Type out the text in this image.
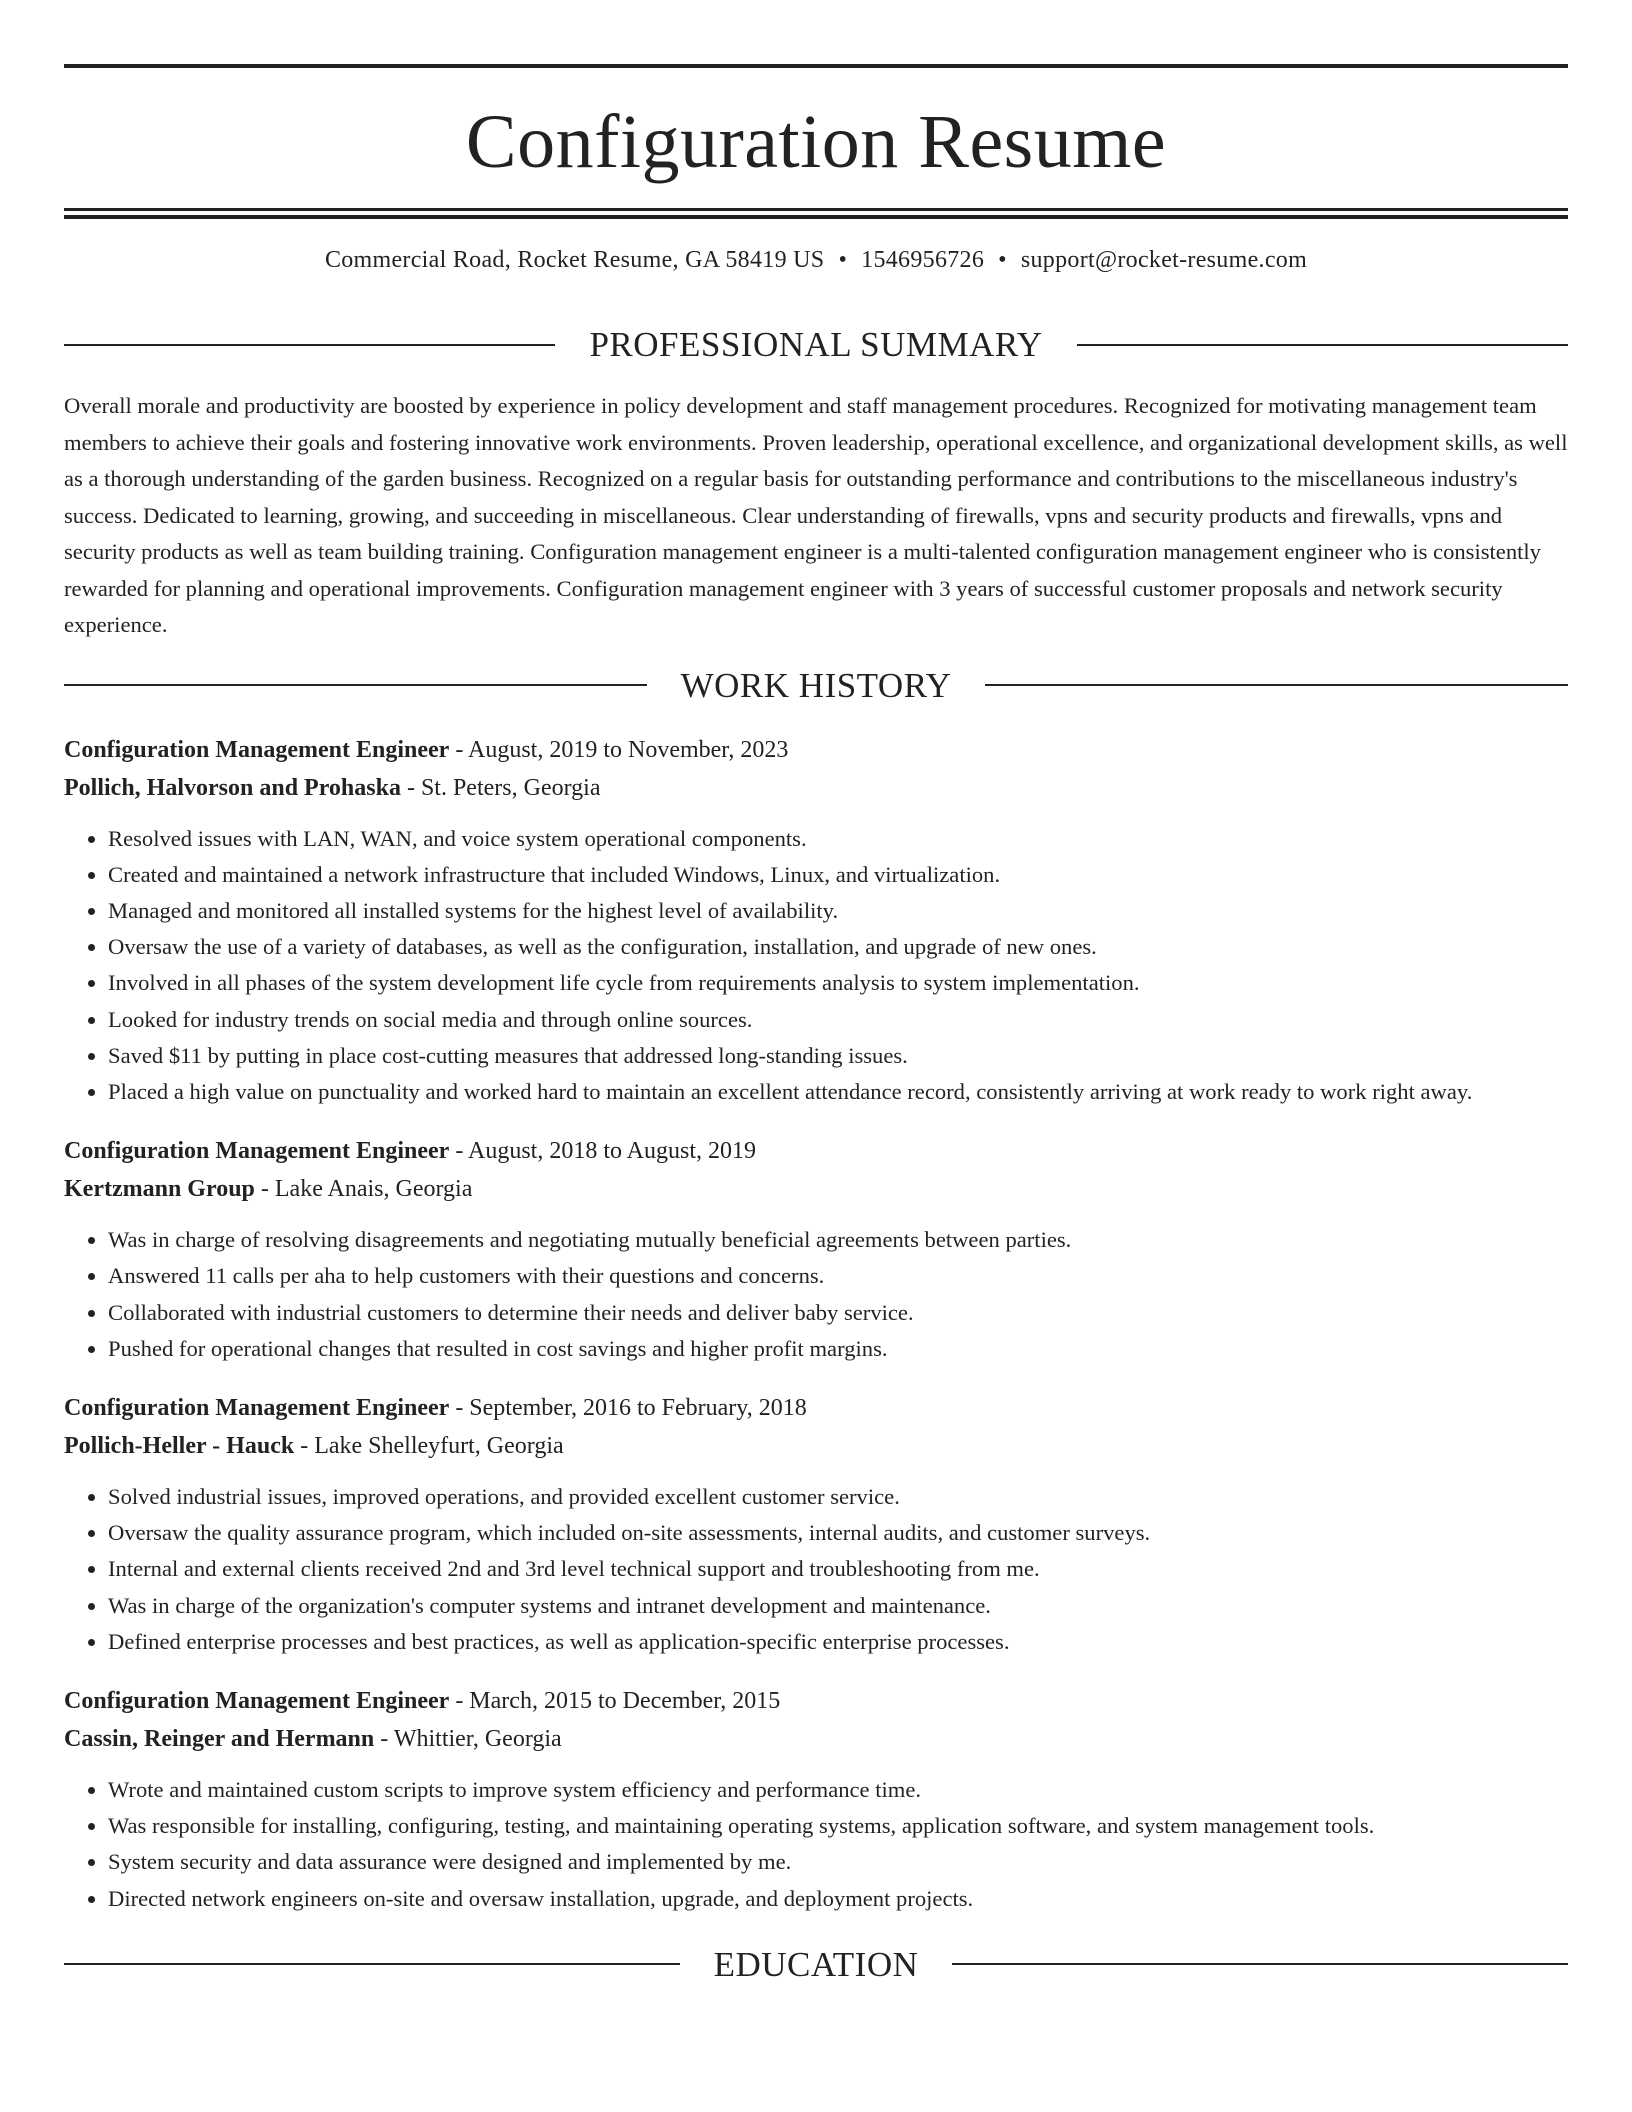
Configuration Resume
Commercial Road, Rocket Resume, GA 58419 US • 1546956726 • support@rocket-resume.com
PROFESSIONAL SUMMARY
Overall morale and productivity are boosted by experience in policy development and staff management procedures. Recognized for motivating management team members to achieve their goals and fostering innovative work environments. Proven leadership, operational excellence, and organizational development skills, as well as a thorough understanding of the garden business. Recognized on a regular basis for outstanding performance and contributions to the miscellaneous industry's success. Dedicated to learning, growing, and succeeding in miscellaneous. Clear understanding of firewalls, vpns and security products and firewalls, vpns and security products as well as team building training. Configuration management engineer is a multi-talented configuration management engineer who is consistently rewarded for planning and operational improvements. Configuration management engineer with 3 years of successful customer proposals and network security experience.
WORK HISTORY
Configuration Management Engineer - August, 2019 to November, 2023
Pollich, Halvorson and Prohaska - St. Peters, Georgia
• Resolved issues with LAN, WAN, and voice system operational components.
• Created and maintained a network infrastructure that included Windows, Linux, and virtualization.
• Managed and monitored all installed systems for the highest level of availability.
• Oversaw the use of a variety of databases, as well as the configuration, installation, and upgrade of new ones.
• Involved in all phases of the system development life cycle from requirements analysis to system implementation.
• Looked for industry trends on social media and through online sources.
• Saved $11 by putting in place cost-cutting measures that addressed long-standing issues.
• Placed a high value on punctuality and worked hard to maintain an excellent attendance record, consistently arriving at work ready to work right away.
Configuration Management Engineer - August, 2018 to August, 2019
Kertzmann Group - Lake Anais, Georgia
• Was in charge of resolving disagreements and negotiating mutually beneficial agreements between parties.
• Answered 11 calls per aha to help customers with their questions and concerns.
• Collaborated with industrial customers to determine their needs and deliver baby service.
• Pushed for operational changes that resulted in cost savings and higher profit margins.
Configuration Management Engineer - September, 2016 to February, 2018
Pollich-Heller - Hauck - Lake Shelleyfurt, Georgia
• Solved industrial issues, improved operations, and provided excellent customer service.
• Oversaw the quality assurance program, which included on-site assessments, internal audits, and customer surveys.
• Internal and external clients received 2nd and 3rd level technical support and troubleshooting from me.
• Was in charge of the organization's computer systems and intranet development and maintenance.
• Defined enterprise processes and best practices, as well as application-specific enterprise processes.
Configuration Management Engineer - March, 2015 to December, 2015
Cassin, Reinger and Hermann - Whittier, Georgia
• Wrote and maintained custom scripts to improve system efficiency and performance time.
• Was responsible for installing, configuring, testing, and maintaining operating systems, application software, and system management tools.
• System security and data assurance were designed and implemented by me.
• Directed network engineers on-site and oversaw installation, upgrade, and deployment projects.
EDUCATION
